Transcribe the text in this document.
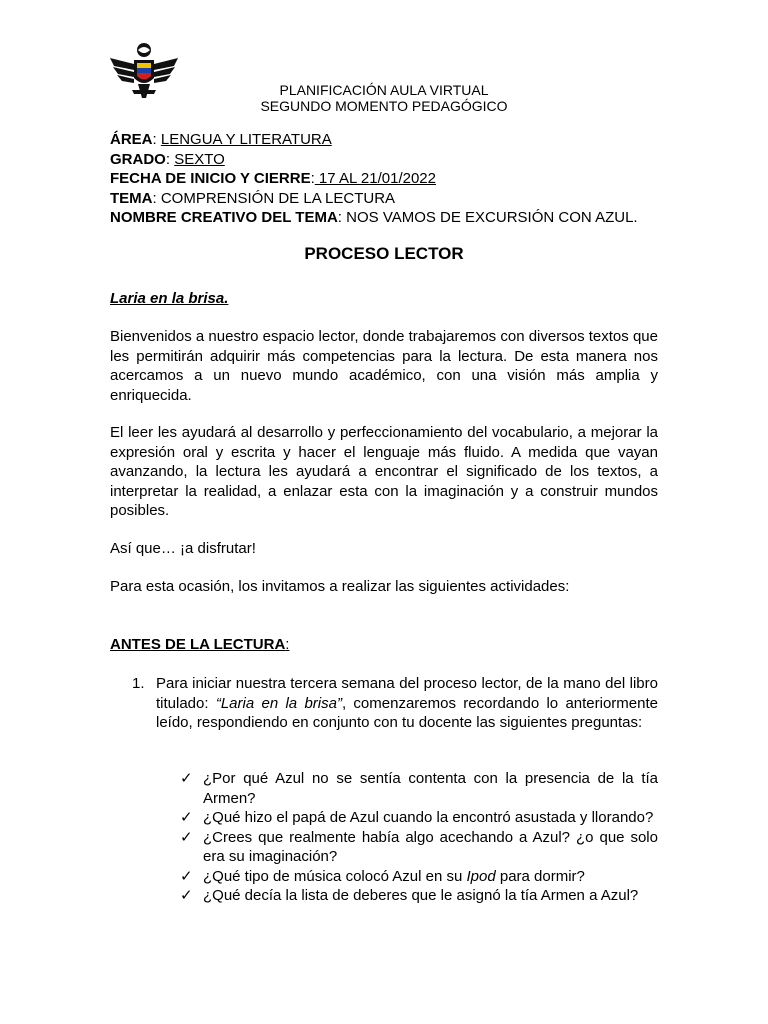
PLANIFICACIÓN AULA VIRTUAL
SEGUNDO MOMENTO PEDAGÓGICO
ÁREA: LENGUA Y LITERATURA
GRADO: SEXTO
FECHA DE INICIO Y CIERRE: 17 AL 21/01/2022
TEMA: COMPRENSIÓN DE LA LECTURA
NOMBRE CREATIVO DEL TEMA: NOS VAMOS DE EXCURSIÓN CON AZUL.
PROCESO LECTOR
Laria en la brisa.
Bienvenidos a nuestro espacio lector, donde trabajaremos con diversos textos que les permitirán adquirir más competencias para la lectura. De esta manera nos acercamos a un nuevo mundo académico, con una visión más amplia y enriquecida.
El leer les ayudará al desarrollo y perfeccionamiento del vocabulario, a mejorar la expresión oral y escrita y hacer el lenguaje más fluido. A medida que vayan avanzando, la lectura les ayudará a encontrar el significado de los textos, a interpretar la realidad, a enlazar esta con la imaginación y a construir mundos posibles.
Así que… ¡a disfrutar!
Para esta ocasión, los invitamos a realizar las siguientes actividades:
ANTES DE LA LECTURA:
1. Para iniciar nuestra tercera semana del proceso lector, de la mano del libro titulado: “Laria en la brisa”, comenzaremos recordando lo anteriormente leído, respondiendo en conjunto con tu docente las siguientes preguntas:
✓ ¿Por qué Azul no se sentía contenta con la presencia de la tía Armen?
✓ ¿Qué hizo el papá de Azul cuando la encontró asustada y llorando?
✓ ¿Crees que realmente había algo acechando a Azul? ¿o que solo era su imaginación?
✓ ¿Qué tipo de música colocó Azul en su Ipod para dormir?
✓ ¿Qué decía la lista de deberes que le asignó la tía Armen a Azul?
